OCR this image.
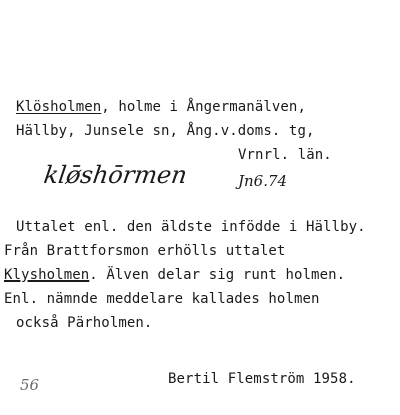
Klösholmen, holme i Ångermanälven,
Hällby, Junsele sn, Ång.v.doms. tg,
Vrnrl. län.
klø̄shōrmen	Jn6.74
Uttalet enl. den äldste infödde i Hällby.
Från Brattforsmon erhölls uttalet
Klysholmen. Älven delar sig runt holmen.
Enl. nämnde meddelare kallades holmen
också Pärholmen.
56	Bertil Flemström 1958.
